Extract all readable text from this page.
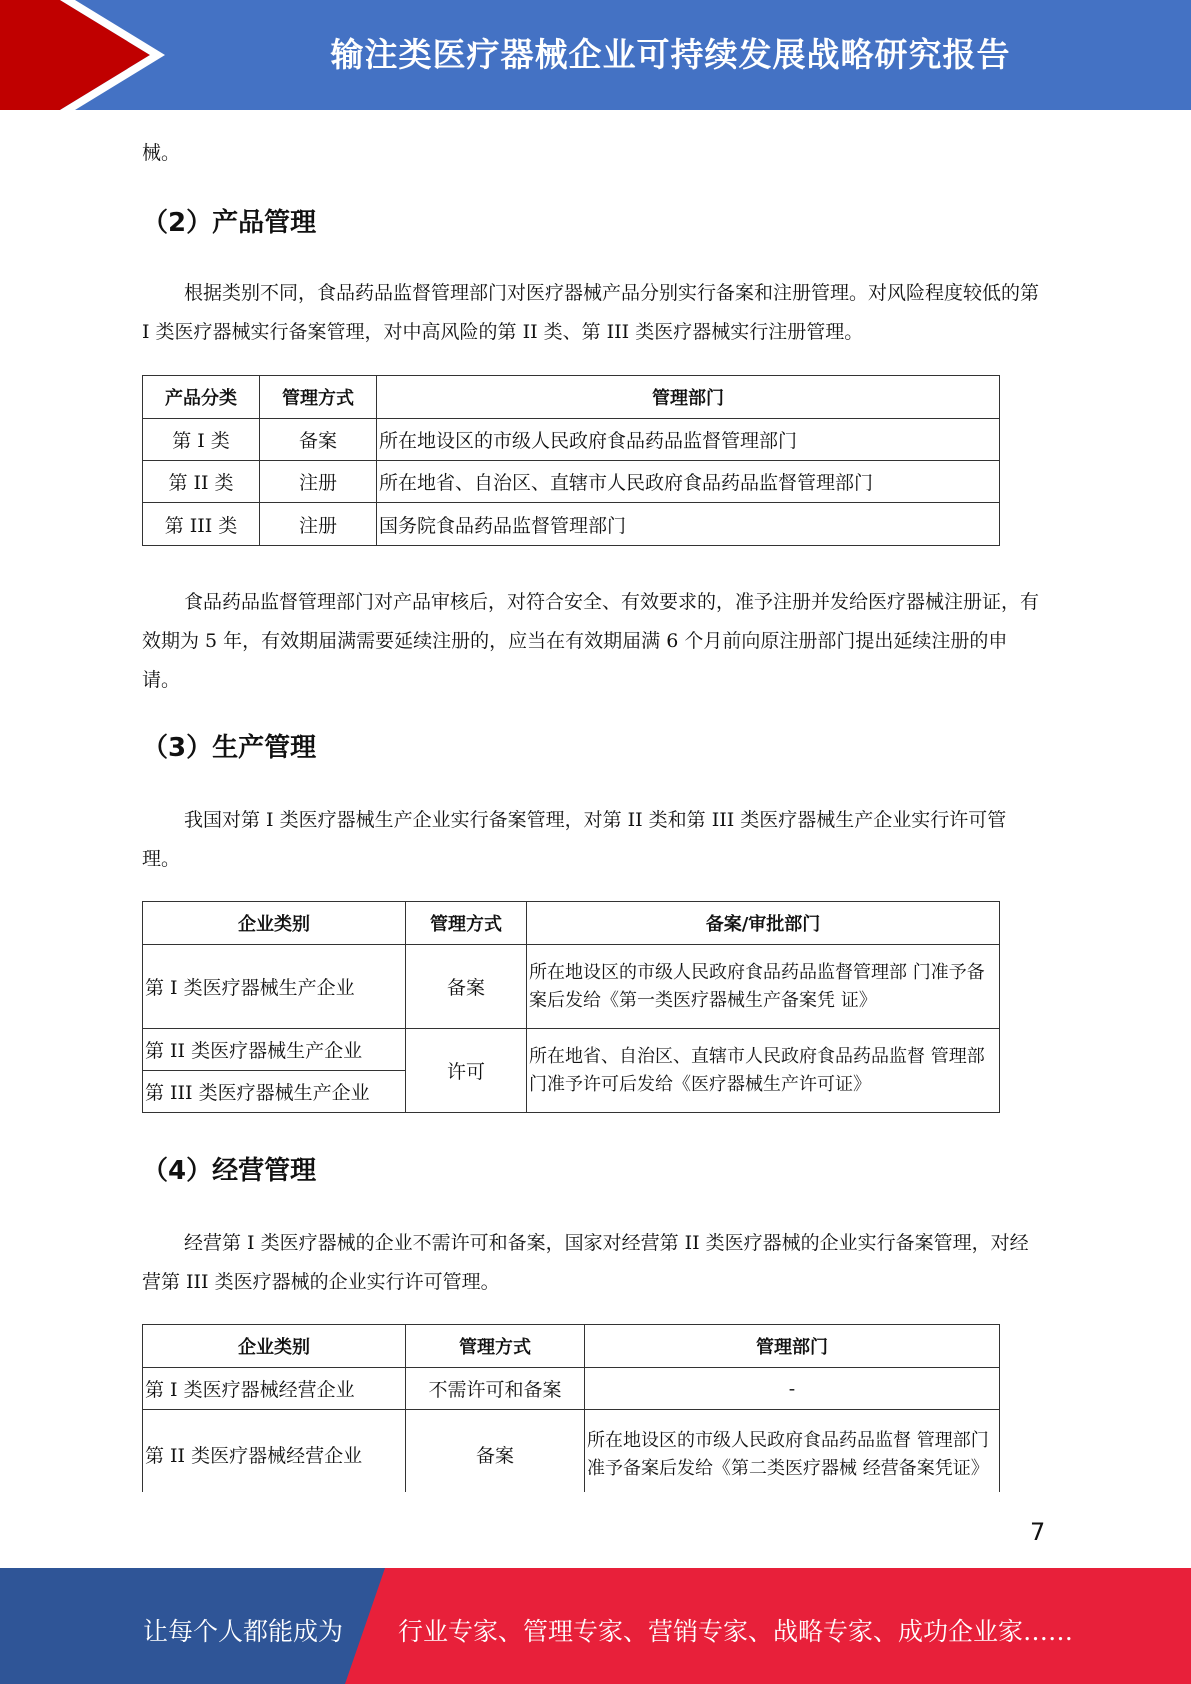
输注类医疗器械企业可持续发展战略研究报告

械。

（2）产品管理

根据类别不同，食品药品监督管理部门对医疗器械产品分别实行备案和注册管理。对风险程度较低的第 I 类医疗器械实行备案管理，对中高风险的第 II 类、第 III 类医疗器械实行注册管理。

产品分类	管理方式	管理部门
第 I 类	备案	所在地设区的市级人民政府食品药品监督管理部门
第 II 类	注册	所在地省、自治区、直辖市人民政府食品药品监督管理部门
第 III 类	注册	国务院食品药品监督管理部门

食品药品监督管理部门对产品审核后，对符合安全、有效要求的，准予注册并发给医疗器械注册证，有效期为 5 年，有效期届满需要延续注册的，应当在有效期届满 6 个月前向原注册部门提出延续注册的申请。

（3）生产管理

我国对第 I 类医疗器械生产企业实行备案管理，对第 II 类和第 III 类医疗器械生产企业实行许可管理。

企业类别	管理方式	备案/审批部门
第 I 类医疗器械生产企业	备案	所在地设区的市级人民政府食品药品监督管理部 门准予备案后发给《第一类医疗器械生产备案凭 证》
第 II 类医疗器械生产企业	许可	所在地省、自治区、直辖市人民政府食品药品监督 管理部门准予许可后发给《医疗器械生产许可证》
第 III 类医疗器械生产企业		
（4）经营管理

经营第 I 类医疗器械的企业不需许可和备案，国家对经营第 II 类医疗器械的企业实行备案管理，对经营第 III 类医疗器械的企业实行许可管理。

企业类别	管理方式	管理部门
第 I 类医疗器械经营企业	不需许可和备案	-
第 II 类医疗器械经营企业	备案	所在地设区的市级人民政府食品药品监督 管理部门准予备案后发给《第二类医疗器械 经营备案凭证》
7
让每个人都能成为 行业专家、管理专家、营销专家、战略专家、成功企业家……
